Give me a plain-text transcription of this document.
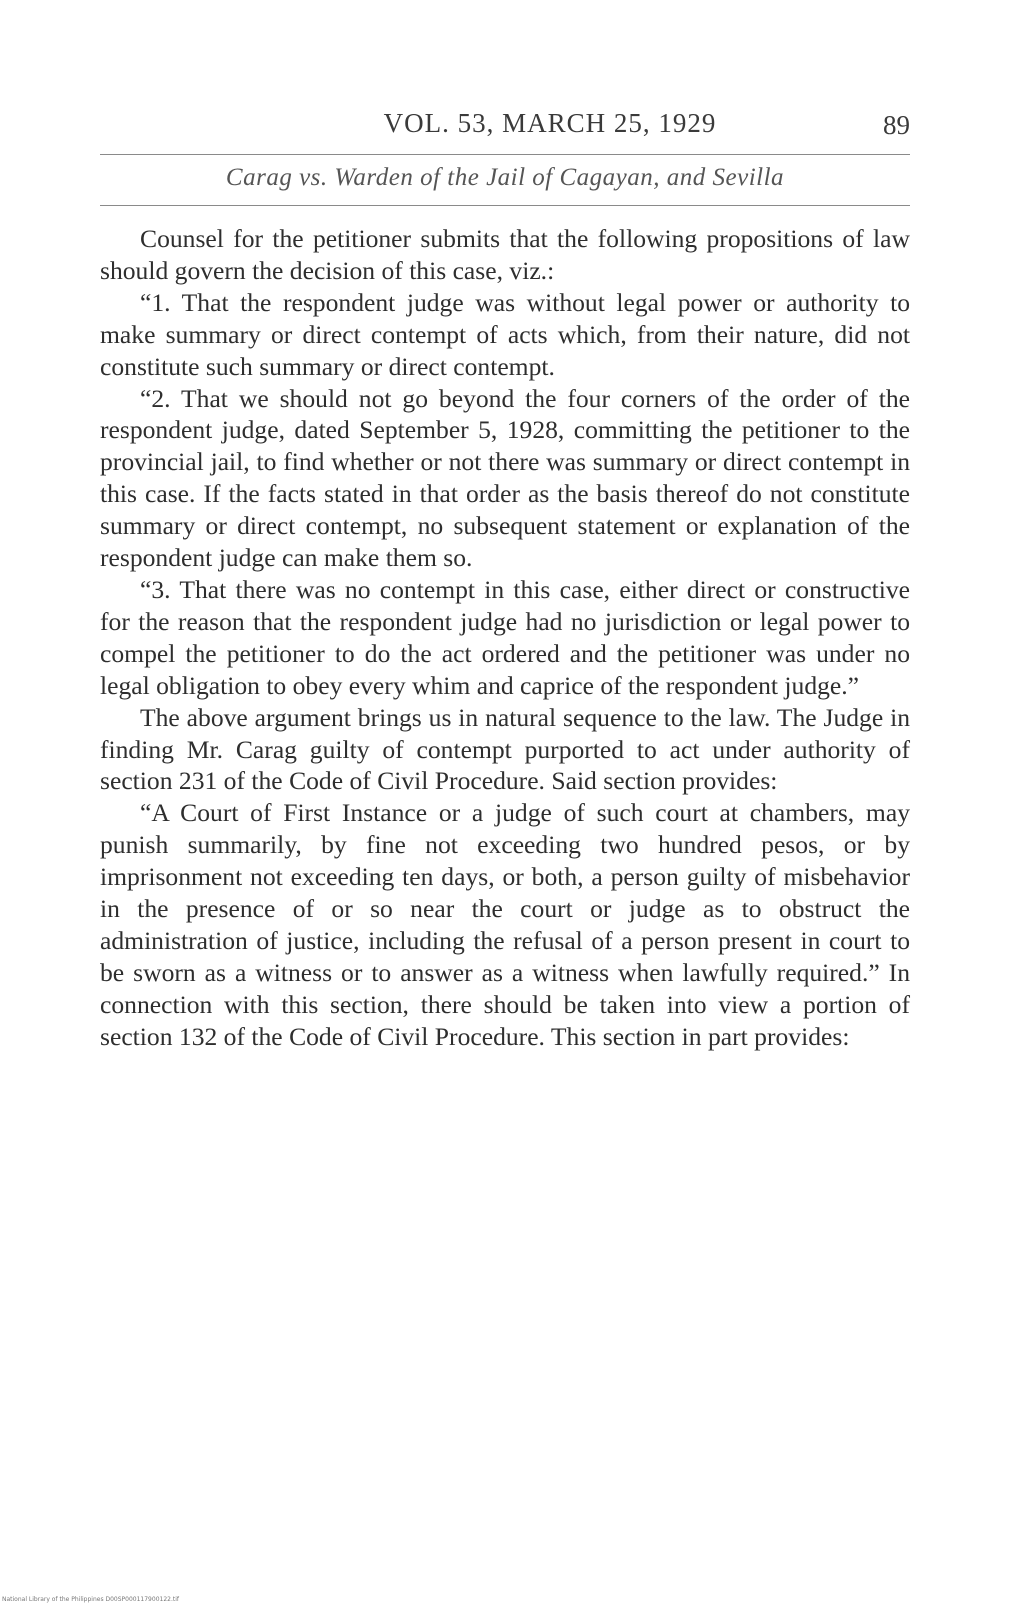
VOL. 53, MARCH 25, 1929	89
Carag vs. Warden of the Jail of Cagayan, and Sevilla

Counsel for the petitioner submits that the following propositions of law should govern the decision of this case, viz.:

“1. That the respondent judge was without legal power or authority to make summary or direct contempt of acts which, from their nature, did not constitute such summary or direct contempt.

“2. That we should not go beyond the four corners of the order of the respondent judge, dated September 5, 1928, committing the petitioner to the provincial jail, to find whether or not there was summary or direct contempt in this case. If the facts stated in that order as the basis thereof do not constitute summary or direct contempt, no subsequent statement or explanation of the respondent judge can make them so.

“3. That there was no contempt in this case, either direct or constructive for the reason that the respondent judge had no jurisdiction or legal power to compel the petitioner to do the act ordered and the petitioner was under no legal obligation to obey every whim and caprice of the respondent judge.”

The above argument brings us in natural sequence to the law. The Judge in finding Mr. Carag guilty of contempt purported to act under authority of section 231 of the Code of Civil Procedure. Said section provides:

“A Court of First Instance or a judge of such court at chambers, may punish summarily, by fine not exceeding two hundred pesos, or by imprisonment not exceeding ten days, or both, a person guilty of misbehavior in the presence of or so near the court or judge as to obstruct the administration of justice, including the refusal of a person present in court to be sworn as a witness or to answer as a witness when lawfully required.” In connection with this section, there should be taken into view a portion of section 132 of the Code of Civil Procedure. This section in part provides:

National Library of the Philippines D00SP000117900122.tif
